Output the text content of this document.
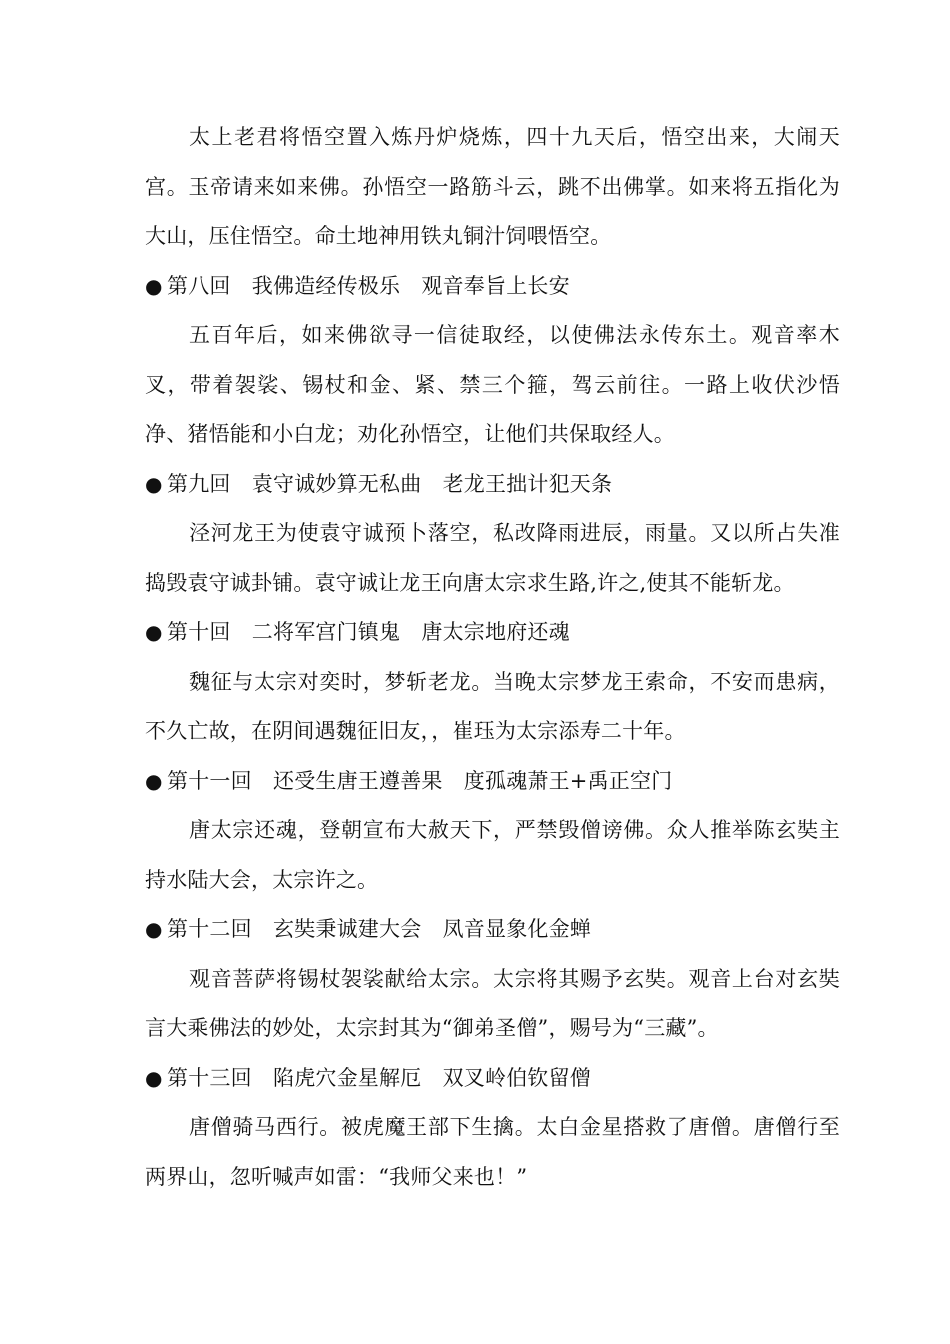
太上老君将悟空置入炼丹炉烧炼，四十九天后，悟空出来，大闹天宫。玉帝请来如来佛。孙悟空一路筋斗云，跳不出佛掌。如来将五指化为大山，压住悟空。命土地神用铁丸铜汁饲喂悟空。

● 第八回　我佛造经传极乐　观音奉旨上长安

五百年后，如来佛欲寻一信徒取经，以使佛法永传东土。观音率木叉，带着袈裟、锡杖和金、紧、禁三个箍，驾云前往。一路上收伏沙悟净、猪悟能和小白龙；劝化孙悟空，让他们共保取经人。

● 第九回　袁守诚妙算无私曲　老龙王拙计犯天条

泾河龙王为使袁守诚预卜落空，私改降雨进辰，雨量。又以所占失准捣毁袁守诚卦铺。袁守诚让龙王向唐太宗求生路,许之,使其不能斩龙。

● 第十回　二将军宫门镇鬼　唐太宗地府还魂

魏征与太宗对奕时，梦斩老龙。当晚太宗梦龙王索命，不安而患病，不久亡故，在阴间遇魏征旧友，，崔珏为太宗添寿二十年。

● 第十一回　还受生唐王遵善果　度孤魂萧王+禹正空门

唐太宗还魂，登朝宣布大赦天下，严禁毁僧谤佛。众人推举陈玄奘主持水陆大会，太宗许之。

● 第十二回　玄奘秉诚建大会　凤音显象化金蝉

观音菩萨将锡杖袈裟献给太宗。太宗将其赐予玄奘。观音上台对玄奘言大乘佛法的妙处，太宗封其为“御弟圣僧”，赐号为“三藏”。

● 第十三回　陷虎穴金星解厄　双叉岭伯钦留僧

唐僧骑马西行。被虎魔王部下生擒。太白金星搭救了唐僧。唐僧行至两界山，忽听喊声如雷：“我师父来也！”
